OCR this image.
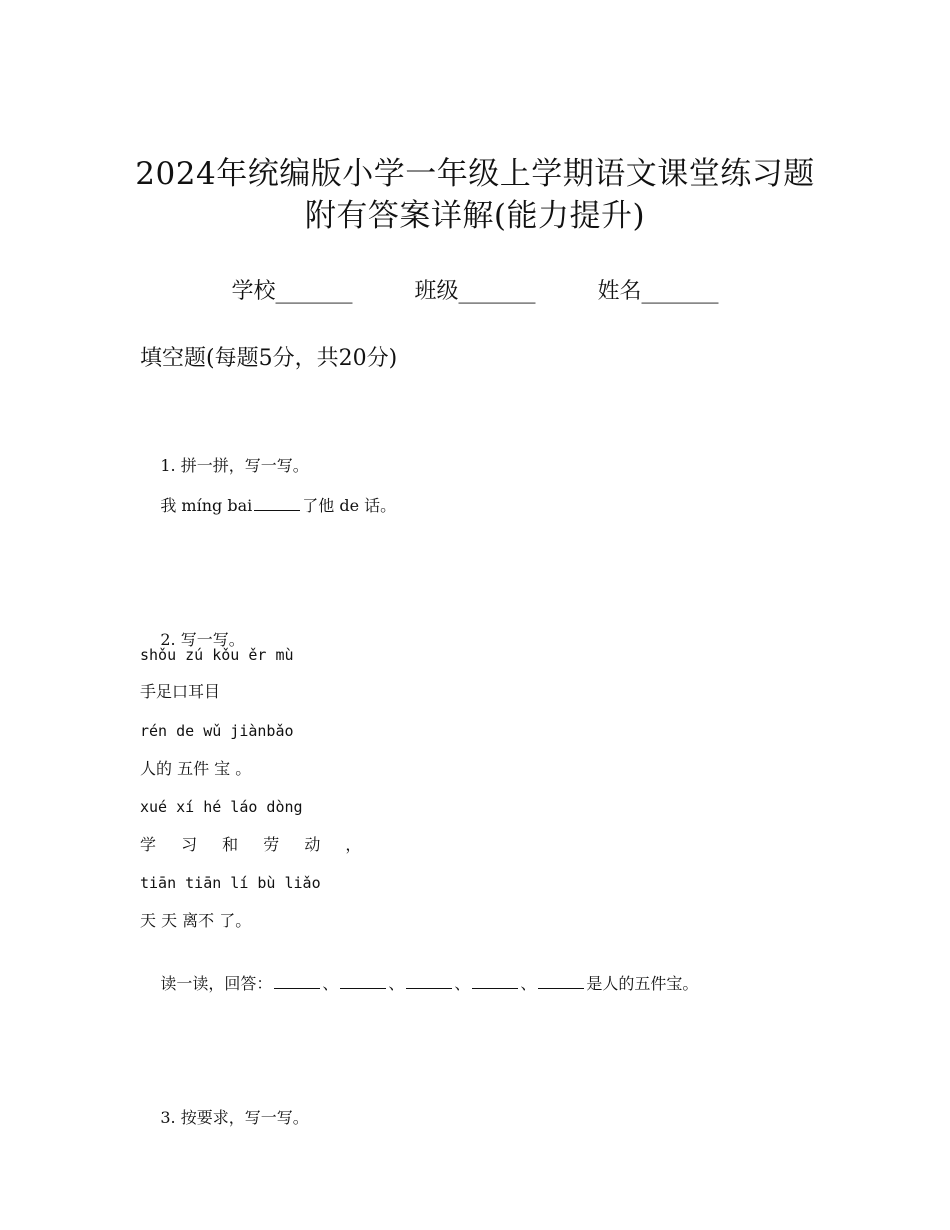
2024年统编版小学一年级上学期语文课堂练习题
附有答案详解(能力提升)
学校_______	班级_______	姓名_______
填空题(每题5分，共20分)

1. 拼一拼，写一写。

我 míng bai	了他 de 话。

2. 写一写。

shǒu zú kǒu ěr mù
手足口耳目
rén de wǔ jiànbǎo
人的 五件 宝 。
xué xí hé láo dòng
学 习 和 劳 动 ，
tiān tiān lí bù liǎo
天 天 离不 了。

读一读，回答：	、	、	、	、	是人的五件宝。

3. 按要求，写一写。
